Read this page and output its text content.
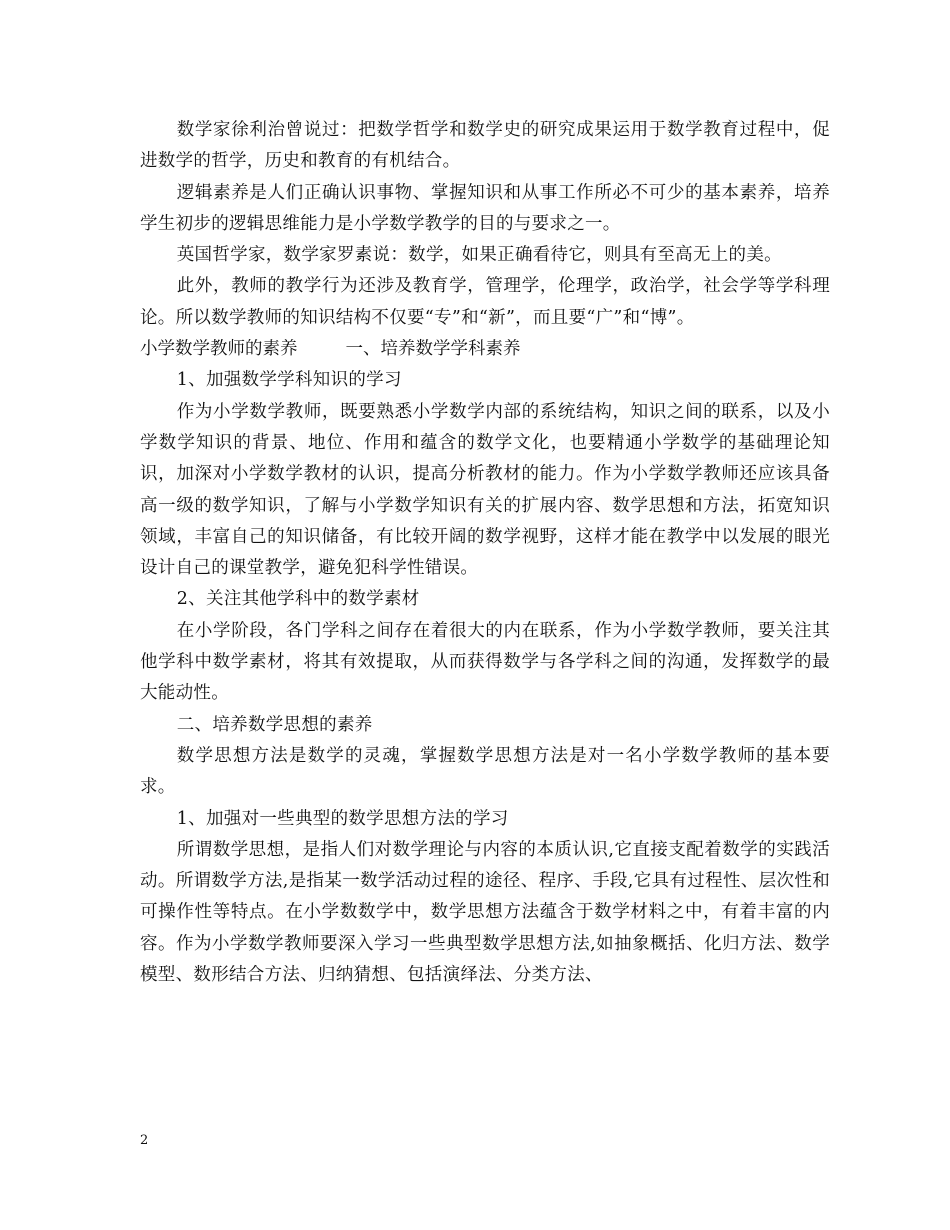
数学家徐利治曾说过：把数学哲学和数学史的研究成果运用于数学教育过程中，促进数学的哲学，历史和教育的有机结合。

逻辑素养是人们正确认识事物、掌握知识和从事工作所必不可少的基本素养，培养学生初步的逻辑思维能力是小学数学教学的目的与要求之一。

英国哲学家，数学家罗素说：数学，如果正确看待它，则具有至高无上的美。

此外，教师的教学行为还涉及教育学，管理学，伦理学，政治学，社会学等学科理论。所以数学教师的知识结构不仅要“专”和“新”，而且要“广”和“博”。

小学数学教师的素养	一、培养数学学科素养

1、加强数学学科知识的学习

作为小学数学教师，既要熟悉小学数学内部的系统结构，知识之间的联系，以及小学数学知识的背景、地位、作用和蕴含的数学文化，也要精通小学数学的基础理论知识，加深对小学数学教材的认识，提高分析教材的能力。作为小学数学教师还应该具备高一级的数学知识，了解与小学数学知识有关的扩展内容、数学思想和方法，拓宽知识领域，丰富自己的知识储备，有比较开阔的数学视野，这样才能在教学中以发展的眼光设计自己的课堂教学，避免犯科学性错误。

2、关注其他学科中的数学素材

在小学阶段，各门学科之间存在着很大的内在联系，作为小学数学教师，要关注其他学科中数学素材，将其有效提取，从而获得数学与各学科之间的沟通，发挥数学的最大能动性。

二、培养数学思想的素养

数学思想方法是数学的灵魂，掌握数学思想方法是对一名小学数学教师的基本要求。

1、加强对一些典型的数学思想方法的学习

所谓数学思想，是指人们对数学理论与内容的本质认识,它直接支配着数学的实践活动。所谓数学方法,是指某一数学活动过程的途径、程序、手段,它具有过程性、层次性和可操作性等特点。在小学数数学中，数学思想方法蕴含于数学材料之中，有着丰富的内容。作为小学数学教师要深入学习一些典型数学思想方法,如抽象概括、化归方法、数学模型、数形结合方法、归纳猜想、包括演绎法、分类方法、

2
